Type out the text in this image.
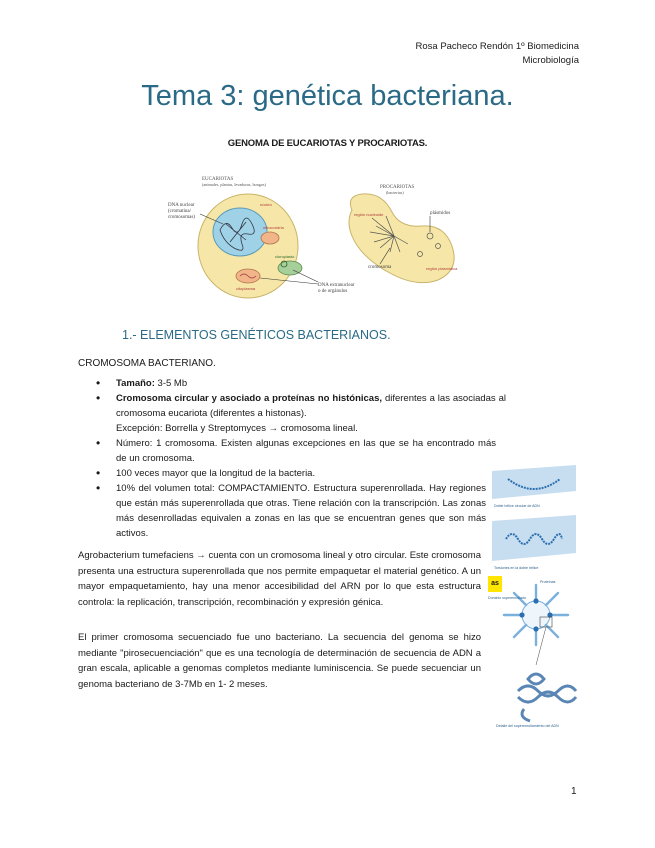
Rosa Pacheco Rendón 1º Biomedicina
Microbiología
Tema 3: genética bacteriana.
GENOMA DE EUCARIOTAS Y PROCARIOTAS.
EUCARIOTAS
(animales, plantas, levaduras, hongos)
DNA nuclear
(cromatina/
cromosomas)
núcleo
mitocondria
cloroplasto
citoplasma
DNA extranuclear
o de orgánulos
PROCARIOTAS
(bacterias)
plásmidos
cromosoma
región nucleoide
región plasmídica
1.- ELEMENTOS GENÉTICOS BACTERIANOS.
CROMOSOMA BACTERIANO.
• Tamaño: 3-5 Mb
• Cromosoma circular y asociado a proteínas no histónicas, diferentes a las asociadas al cromosoma eucariota (diferentes a histonas).
Excepción: Borrella y Streptomyces → cromosoma lineal.
• Número: 1 cromosoma. Existen algunas excepciones en las que se ha encontrado más de un cromosoma.
• 100 veces mayor que la longitud de la bacteria.
• 10% del volumen total: COMPACTAMIENTO. Estructura superenrollada. Hay regiones que están más superenrollada que otras. Tiene relación con la transcripción. Las zonas más desenrolladas equivalen a zonas en las que se encuentran genes que son más activos.
Agrobacterium tumefaciens → cuenta con un cromosoma lineal y otro circular. Este cromosoma presenta una estructura superenrollada que nos permite empaquetar el material genético. A un mayor empaquetamiento, hay una menor accesibilidad del ARN por lo que esta estructura controla: la replicación, transcripción, recombinación y expresión génica.
El primer cromosoma secuenciado fue uno bacteriano. La secuencia del genoma se hizo mediante "pirosecuenciación" que es una tecnología de determinación de secuencia de ADN a gran escala, aplicable a genomas completos mediante luminiscencia. Se puede secuenciar un genoma bacteriano de 3-7Mb en 1- 2 meses.
Doble hélice circular de ADN
Torsiones en la doble hélice
Proteínas
Dominio superenrollado
Detalle del superenrollamiento del ADN
as
1
